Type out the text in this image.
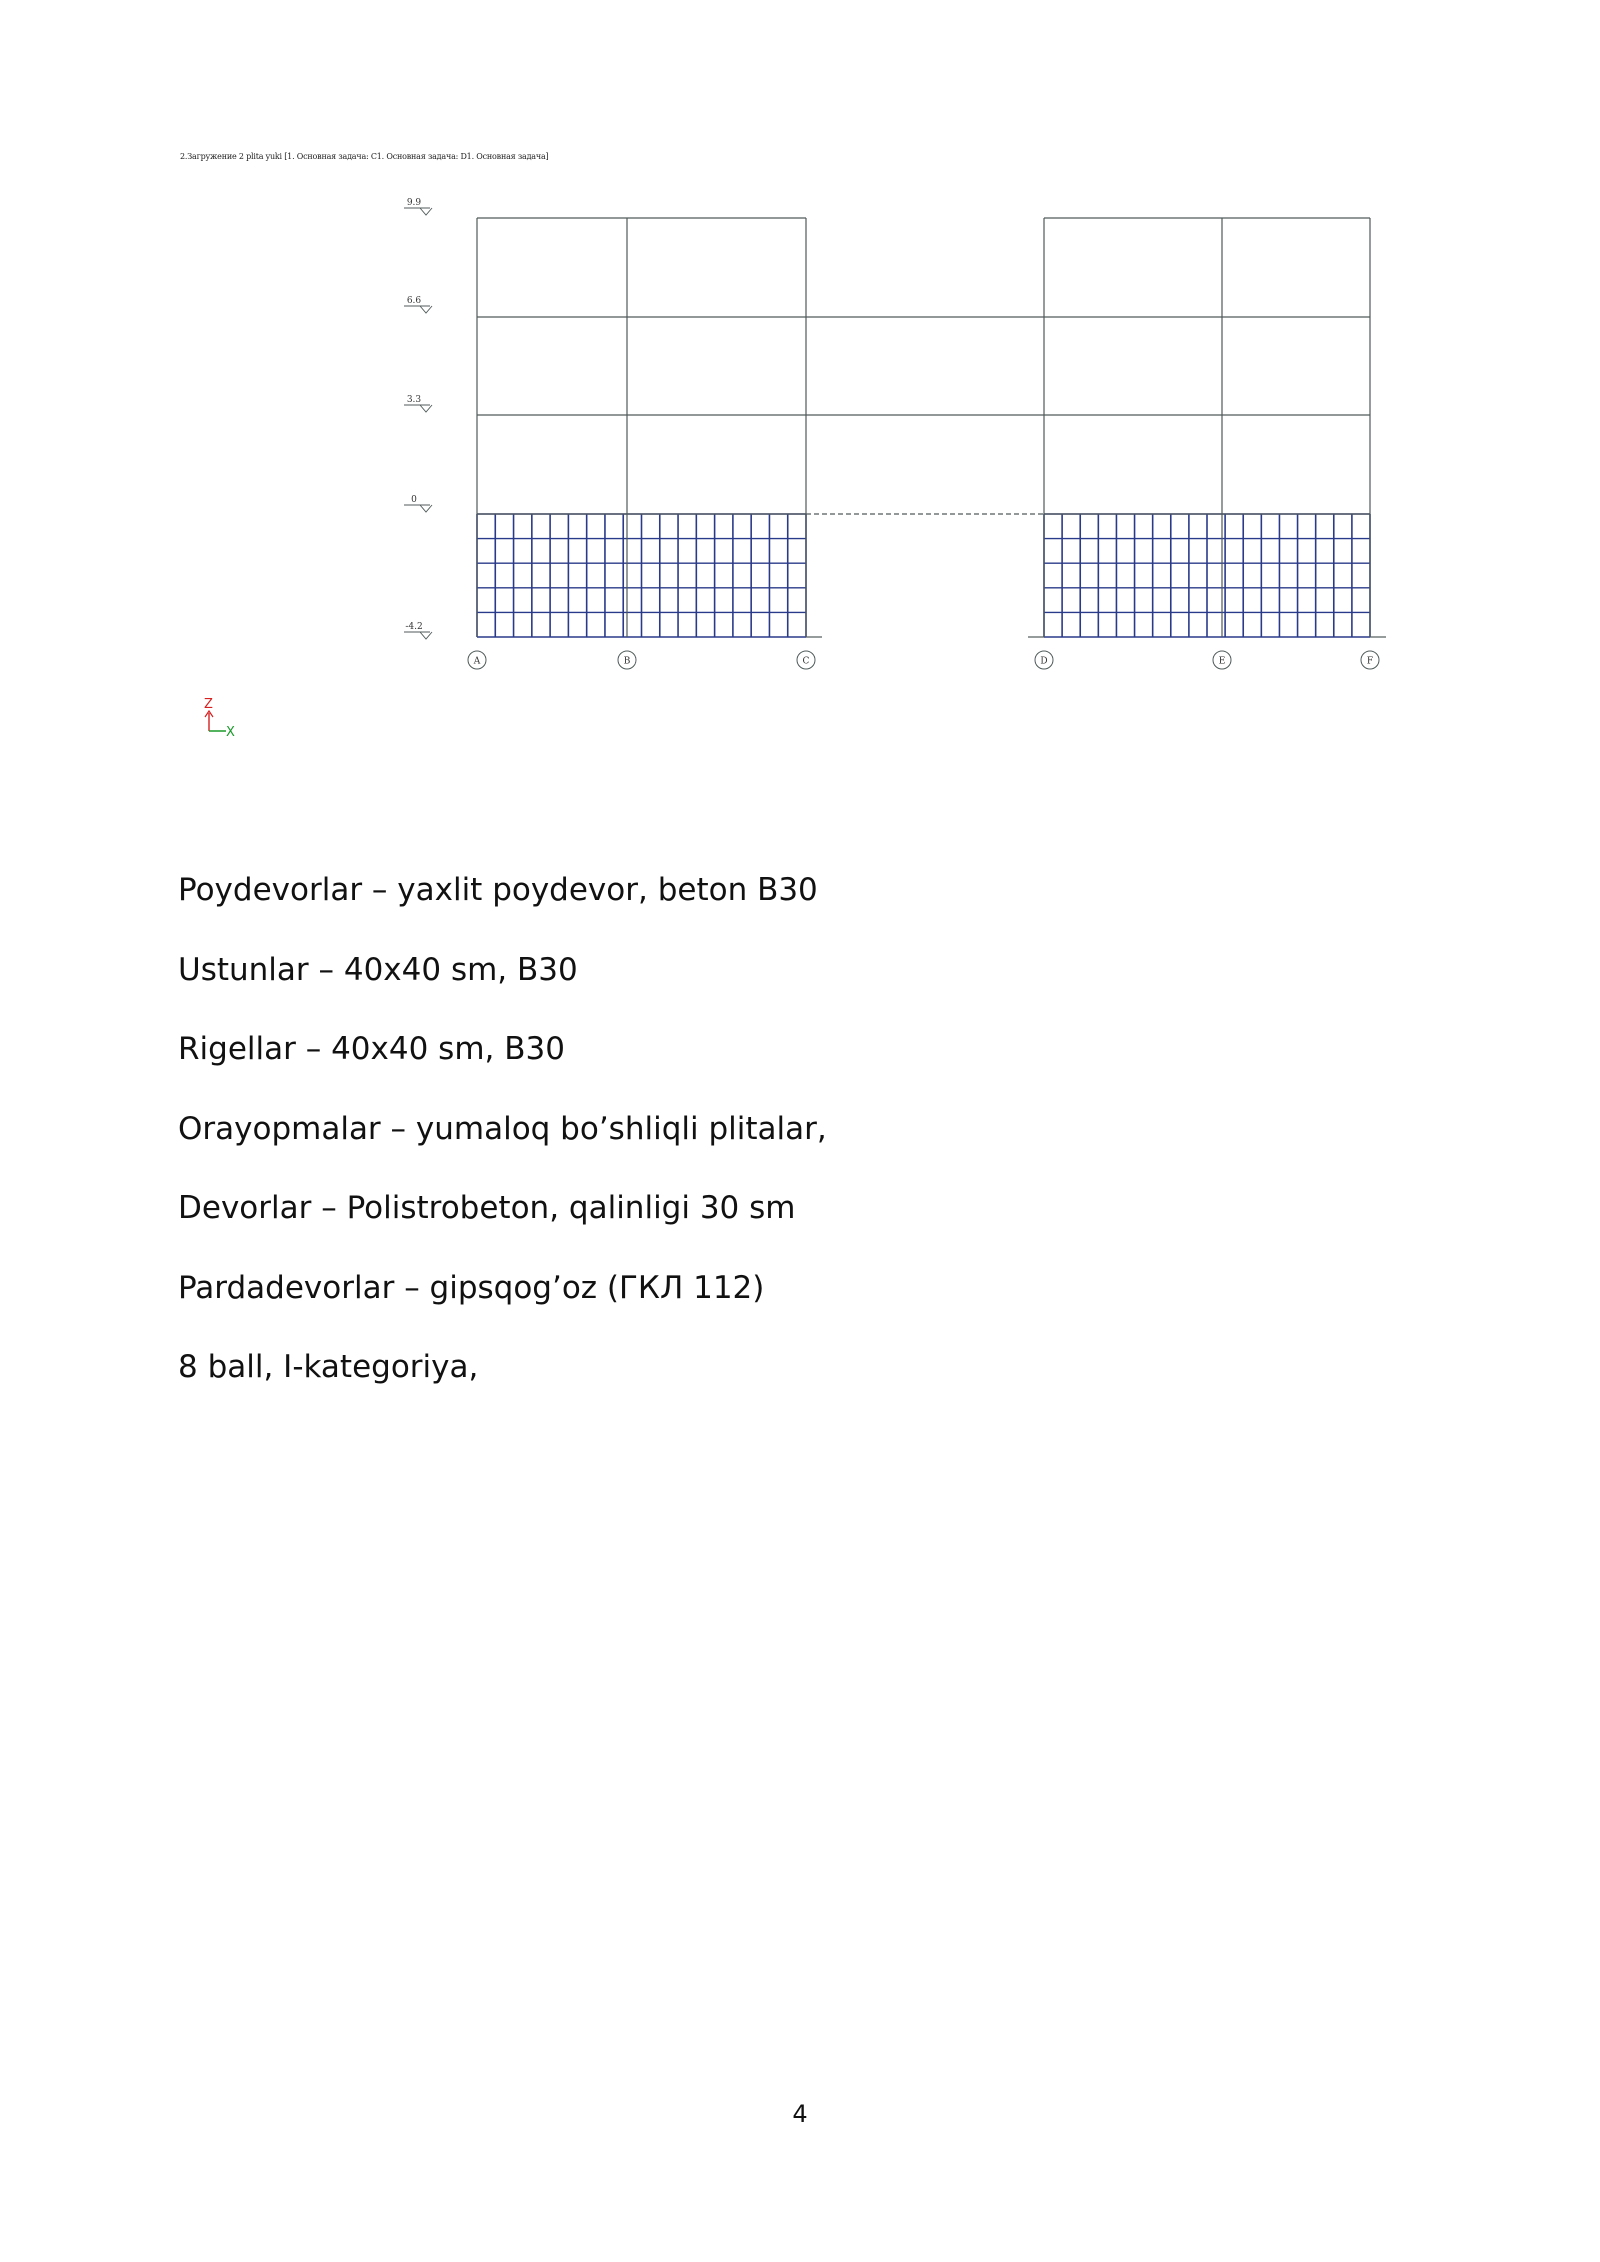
2.Загружение 2 plita yuki [1. Основная задача: C1. Основная задача: D1. Основная задача]
9.9
6.6
3.3
0
-4.2
A	B	C	D	E	F
Z
X

Poydevorlar – yaxlit poydevor, beton B30

Ustunlar – 40x40 sm, B30

Rigellar – 40x40 sm, B30

Orayopmalar – yumaloq bo’shliqli plitalar,

Devorlar – Polistrobeton, qalinligi 30 sm

Pardadevorlar – gipsqog’oz (ГКЛ 112)

8 ball, I-kategoriya,

4
